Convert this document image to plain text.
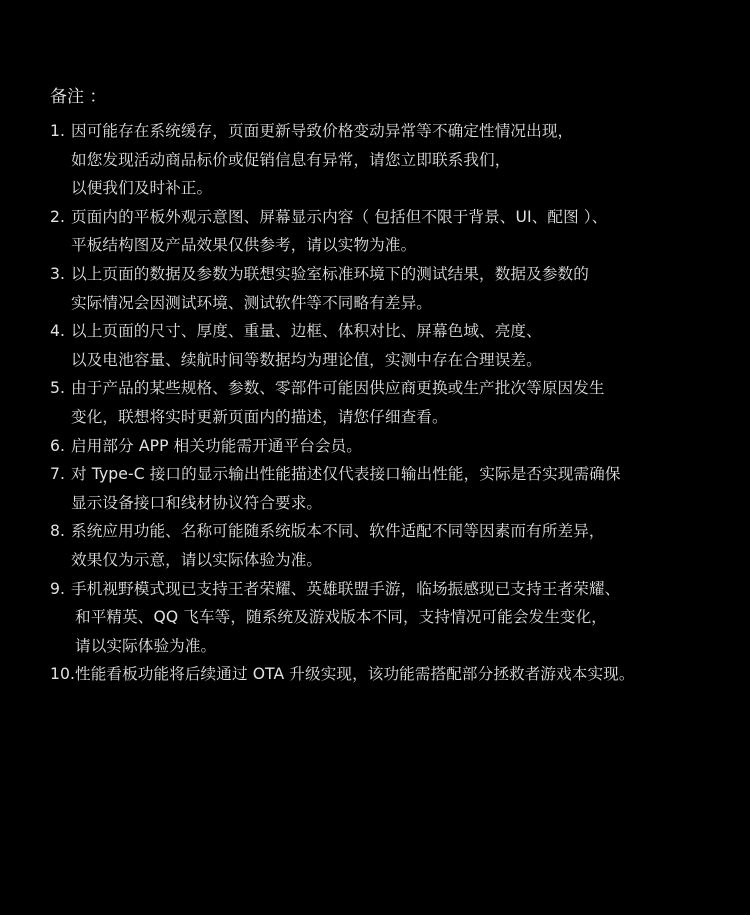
备注 ：
1. 因可能存在系统缓存，页面更新导致价格变动异常等不确定性情况出现，
如您发现活动商品标价或促销信息有异常，请您立即联系我们，
以便我们及时补正。
2. 页面内的平板外观示意图、屏幕显示内容（ 包括但不限于背景、UI、配图 ）、
平板结构图及产品效果仅供参考，请以实物为准。
3. 以上页面的数据及参数为联想实验室标准环境下的测试结果，数据及参数的
实际情况会因测试环境、测试软件等不同略有差异。
4. 以上页面的尺寸、厚度、重量、边框、体积对比、屏幕色域、亮度、
以及电池容量、续航时间等数据均为理论值，实测中存在合理误差。
5. 由于产品的某些规格、参数、零部件可能因供应商更换或生产批次等原因发生
变化，联想将实时更新页面内的描述，请您仔细查看。
6. 启用部分 APP 相关功能需开通平台会员。
7. 对 Type-C 接口的显示输出性能描述仅代表接口输出性能，实际是否实现需确保
显示设备接口和线材协议符合要求。
8. 系统应用功能、名称可能随系统版本不同、软件适配不同等因素而有所差异，
效果仅为示意，请以实际体验为准。
9. 手机视野模式现已支持王者荣耀、英雄联盟手游，临场振感现已支持王者荣耀、
和平精英、QQ 飞车等，随系统及游戏版本不同，支持情况可能会发生变化，
请以实际体验为准。
10. 性能看板功能将后续通过 OTA 升级实现，该功能需搭配部分拯救者游戏本实现。
